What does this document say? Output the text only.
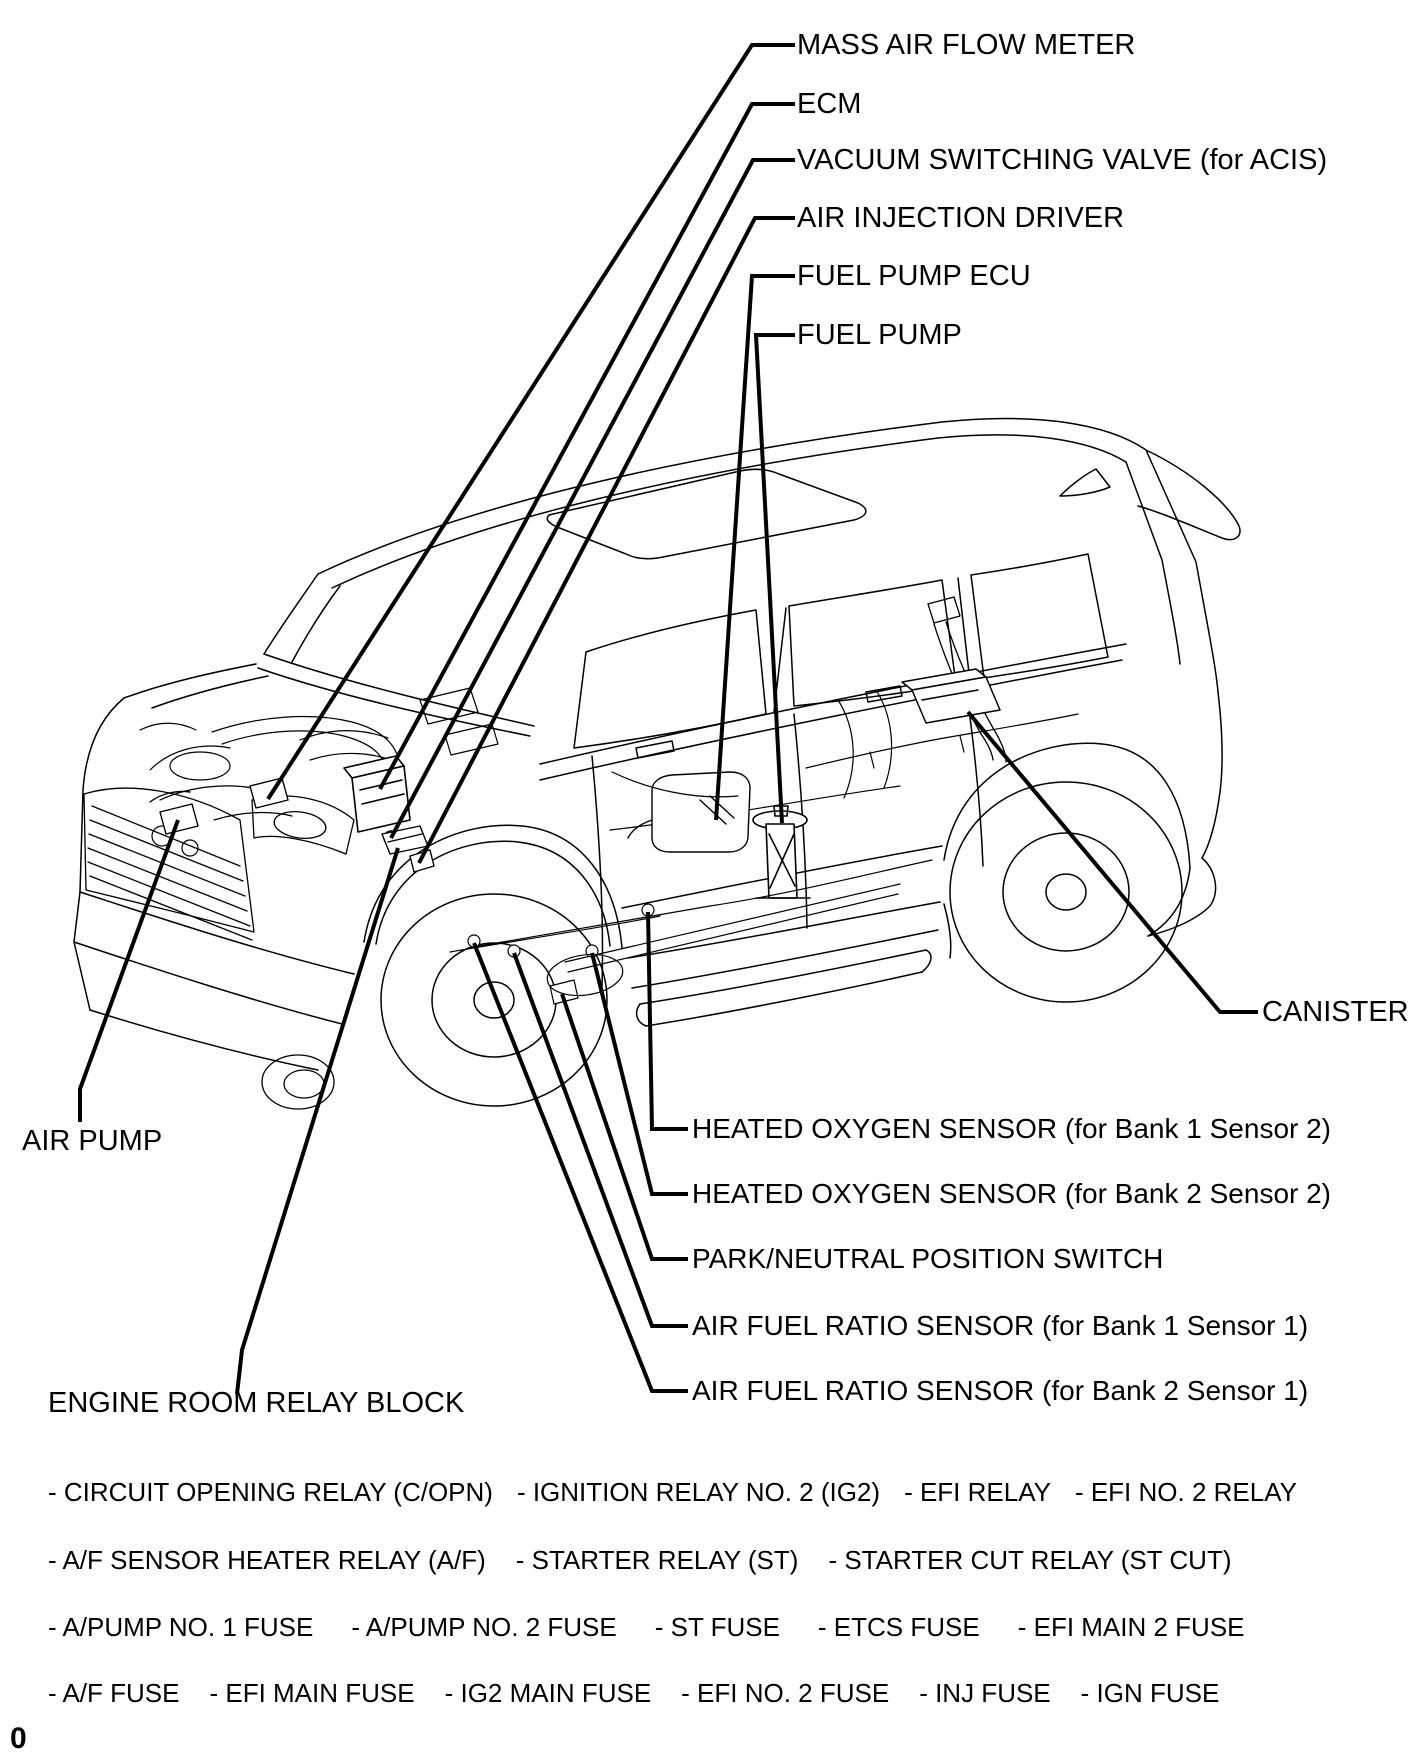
MASS AIR FLOW METER
ECM
VACUUM SWITCHING VALVE (for ACIS)
AIR INJECTION DRIVER
FUEL PUMP ECU
FUEL PUMP
HEATED OXYGEN SENSOR (for Bank 1 Sensor 2)
HEATED OXYGEN SENSOR (for Bank 2 Sensor 2)
PARK/NEUTRAL POSITION SWITCH
AIR FUEL RATIO SENSOR (for Bank 1 Sensor 1)
AIR FUEL RATIO SENSOR (for Bank 2 Sensor 1)
CANISTER
AIR PUMP
ENGINE ROOM RELAY BLOCK
- CIRCUIT OPENING RELAY (C/OPN) - IGNITION RELAY NO. 2 (IG2) - EFI RELAY - EFI NO. 2 RELAY
- A/F SENSOR HEATER RELAY (A/F) - STARTER RELAY (ST) - STARTER CUT RELAY (ST CUT)
- A/PUMP NO. 1 FUSE - A/PUMP NO. 2 FUSE - ST FUSE - ETCS FUSE - EFI MAIN 2 FUSE
- A/F FUSE - EFI MAIN FUSE - IG2 MAIN FUSE - EFI NO. 2 FUSE - INJ FUSE - IGN FUSE
0
